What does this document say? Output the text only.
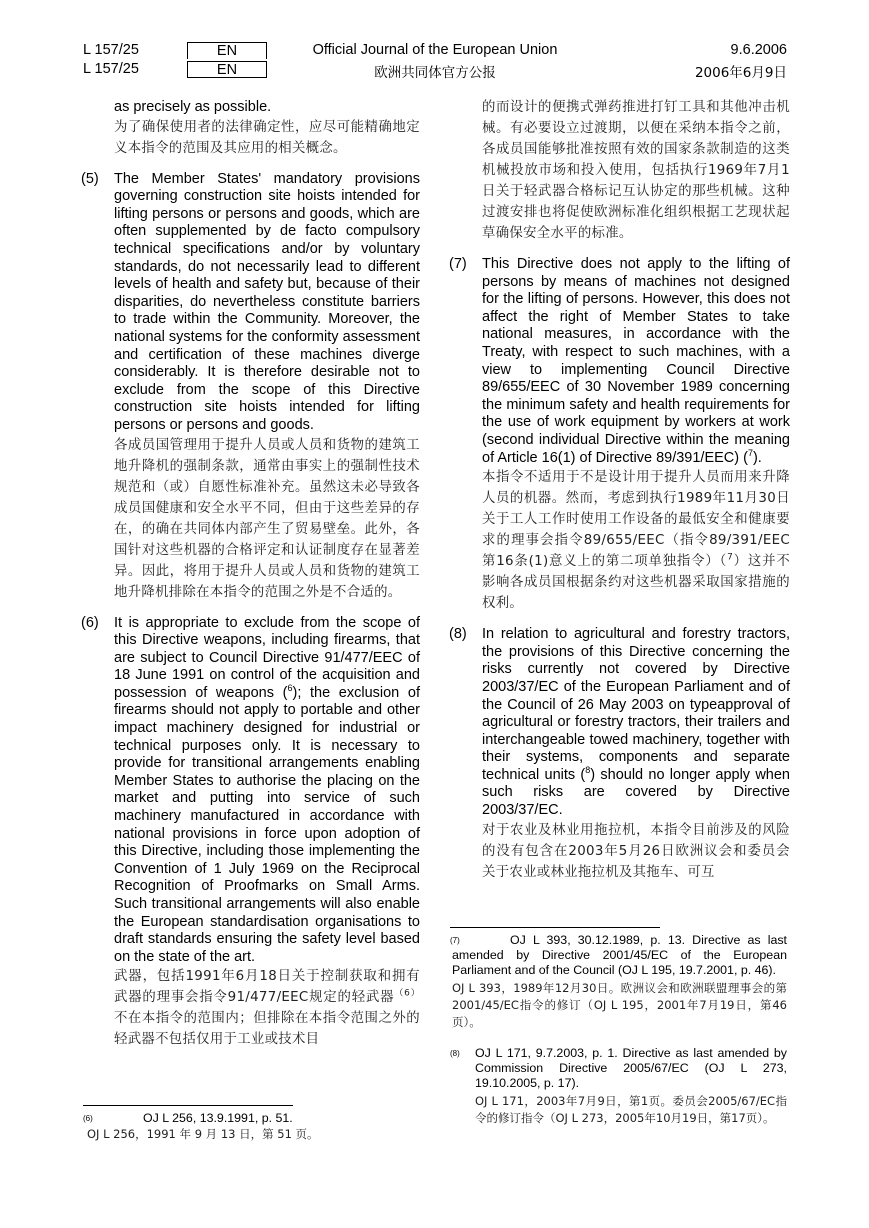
L 157/25	EN	Official Journal of the European Union	9.6.2006
L 157/25	EN	欧洲共同体官方公报	2006年6月9日

as precisely as possible.

为了确保使用者的法律确定性，应尽可能精确地定义本指令的范围及其应用的相关概念。

(5) The Member States' mandatory provisions governing construction site hoists intended for lifting persons or persons and goods, which are often supplemented by de facto compulsory technical specifications and/or by voluntary standards, do not necessarily lead to different levels of health and safety but, because of their disparities, do nevertheless constitute barriers to trade within the Community. Moreover, the national systems for the conformity assessment and certification of these machines diverge considerably. It is therefore desirable not to exclude from the scope of this Directive construction site hoists intended for lifting persons or persons and goods.

各成员国管理用于提升人员或人员和货物的建筑工地升降机的强制条款，通常由事实上的强制性技术规范和（或）自愿性标准补充。虽然这未必导致各成员国健康和安全水平不同，但由于这些差异的存在，的确在共同体内部产生了贸易壁垒。此外，各国针对这些机器的合格评定和认证制度存在显著差异。因此，将用于提升人员或人员和货物的建筑工地升降机排除在本指令的范围之外是不合适的。

(6) It is appropriate to exclude from the scope of this Directive weapons, including firearms, that are subject to Council Directive 91/477/EEC of 18 June 1991 on control of the acquisition and possession of weapons ($^6$); the exclusion of firearms should not apply to portable and other impact machinery designed for industrial or technical purposes only. It is necessary to provide for transitional arrangements enabling Member States to authorise the placing on the market and putting into service of such machinery manufactured in accordance with national provisions in force upon adoption of this Directive, including those implementing the Convention of 1 July 1969 on the Reciprocal Recognition of Proofmarks on Small Arms. Such transitional arrangements will also enable the European standardisation organisations to draft standards ensuring the safety level based on the state of the art.

武器，包括1991年6月18日关于控制获取和拥有武器的理事会指令91/477/EEC规定的轻武器$^{(6)}$不在本指令的范围内；但排除在本指令范围之外的轻武器不包括仅用于工业或技术目

的而设计的便携式弹药推进打钉工具和其他冲击机械。有必要设立过渡期，以便在采纳本指令之前，各成员国能够批准按照有效的国家条款制造的这类机械投放市场和投入使用，包括执行1969年7月1日关于轻武器合格标记互认协定的那些机械。这种过渡安排也将促使欧洲标准化组织根据工艺现状起草确保安全水平的标准。

(7) This Directive does not apply to the lifting of persons by means of machines not designed for the lifting of persons. However, this does not affect the right of Member States to take national measures, in accordance with the Treaty, with respect to such machines, with a view to implementing Council Directive 89/655/EEC of 30 November 1989 concerning the minimum safety and health requirements for the use of work equipment by workers at work (second individual Directive within the meaning of Article 16(1) of Directive 89/391/EEC) ($^7$).

本指令不适用于不是设计用于提升人员而用来升降人员的机器。然而，考虑到执行1989年11月30日关于工人工作时使用工作设备的最低安全和健康要求的理事会指令89/655/EEC（指令89/391/EEC第16条(1)意义上的第二项单独指令）（$^7$）这并不影响各成员国根据条约对这些机器采取国家措施的权利。

(8) In relation to agricultural and forestry tractors, the provisions of this Directive concerning the risks currently not covered by Directive 2003/37/EC of the European Parliament and of the Council of 26 May 2003 on typeapproval of agricultural or forestry tractors, their trailers and interchangeable towed machinery, together with their systems, components and separate technical units ($^8$) should no longer apply when such risks are covered by Directive 2003/37/EC.

对于农业及林业用拖拉机，本指令目前涉及的风险的没有包含在2003年5月26日欧洲议会和委员会关于农业或林业拖拉机及其拖车、可互

(6)	OJ L 256, 13.9.1991, p. 51.

OJ L 256，1991 年 9 月 13 日，第 51 页。

(7)	OJ L 393, 30.12.1989, p. 13. Directive as last amended by Directive 2001/45/EC of the European Parliament and of the Council (OJ L 195, 19.7.2001, p. 46).

OJ L 393，1989年12月30日。欧洲议会和欧洲联盟理事会的第2001/45/EC指令的修订（OJ L 195，2001年7月19日，第46页）。

(8)	OJ L 171, 9.7.2003, p. 1. Directive as last amended by Commission Directive 2005/67/EC (OJ L 273, 19.10.2005, p. 17).

OJ L 171，2003年7月9日，第1页。委员会2005/67/EC指令的修订指令（OJ L 273，2005年10月19日，第17页）。
